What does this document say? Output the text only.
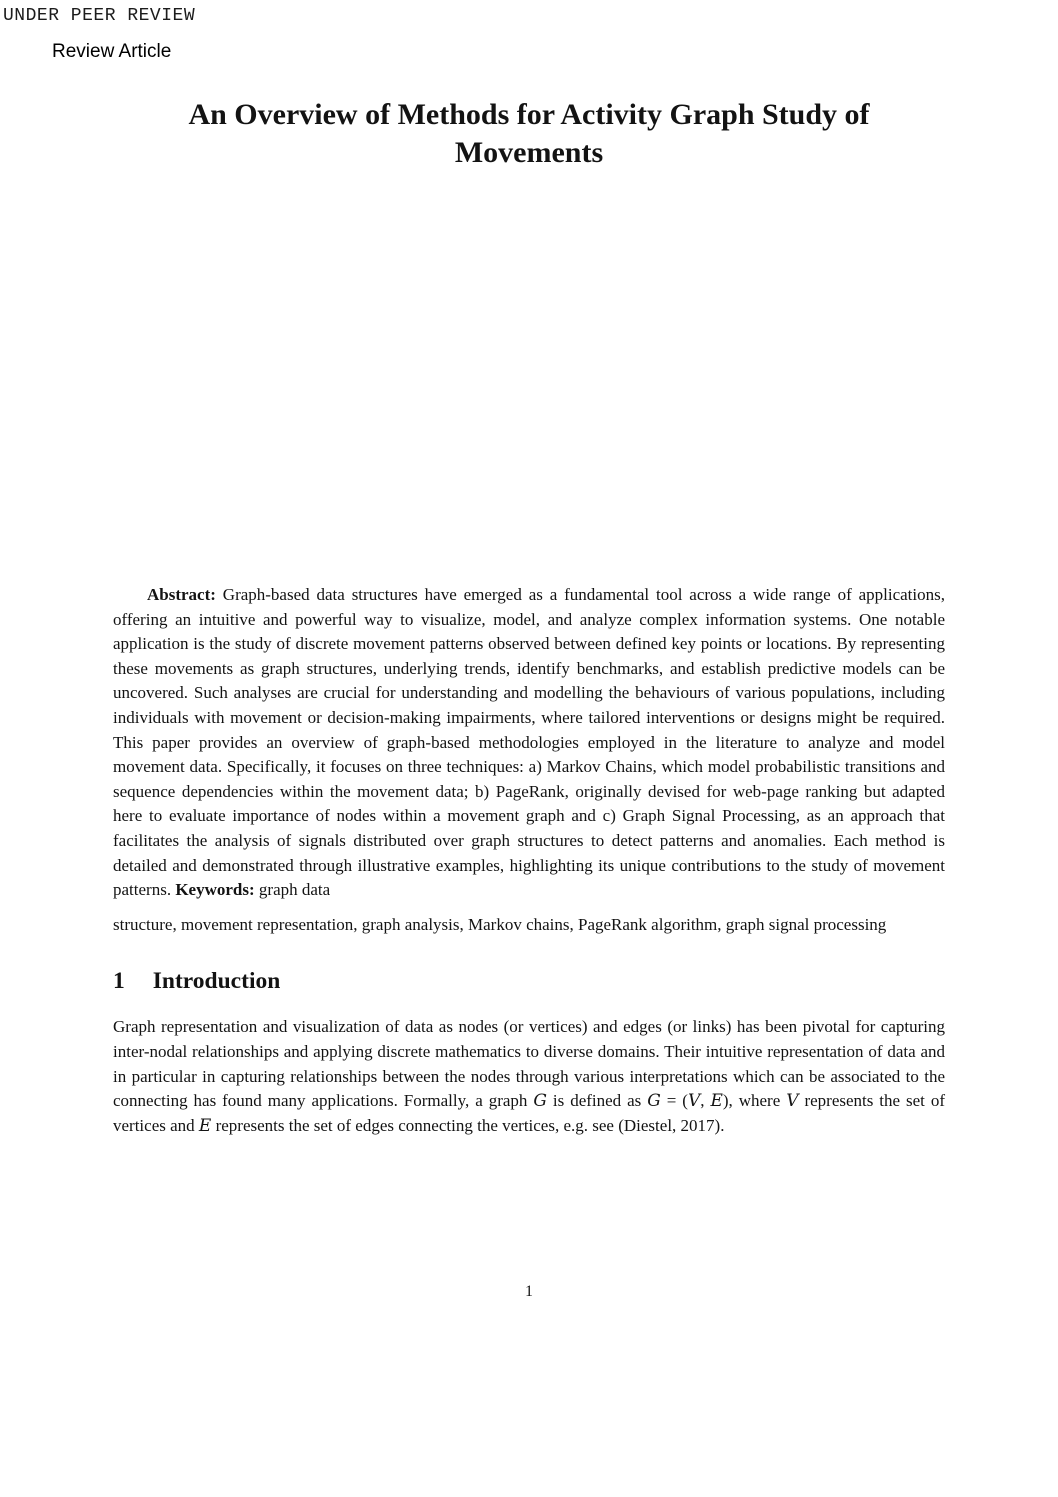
UNDER PEER REVIEW
Review Article
An Overview of Methods for Activity Graph Study of Movements

Abstract: Graph-based data structures have emerged as a fundamental tool across a wide range of applications, offering an intuitive and powerful way to visualize, model, and analyze complex information systems. One notable application is the study of discrete movement patterns observed between defined key points or locations. By representing these movements as graph structures, underlying trends, identify benchmarks, and establish predictive models can be uncovered. Such analyses are crucial for understanding and modelling the behaviours of various populations, including individuals with movement or decision-making impairments, where tailored interventions or designs might be required. This paper provides an overview of graph-based methodologies employed in the literature to analyze and model movement data. Specifically, it focuses on three techniques: a) Markov Chains, which model probabilistic transitions and sequence dependencies within the movement data; b) PageRank, originally devised for web-page ranking but adapted here to evaluate importance of nodes within a movement graph and c) Graph Signal Processing, as an approach that facilitates the analysis of signals distributed over graph structures to detect patterns and anomalies. Each method is detailed and demonstrated through illustrative examples, highlighting its unique contributions to the study of movement patterns. Keywords: graph data

structure, movement representation, graph analysis, Markov chains, PageRank algorithm, graph signal processing

1 Introduction

Graph representation and visualization of data as nodes (or vertices) and edges (or links) has been pivotal for capturing inter-nodal relationships and applying discrete mathematics to diverse domains. Their intuitive representation of data and in particular in capturing relationships between the nodes through various interpretations which can be associated to the connecting has found many applications. Formally, a graph G is defined as G = (V, E), where V represents the set of vertices and E represents the set of edges connecting the vertices, e.g. see (Diestel, 2017).

1
